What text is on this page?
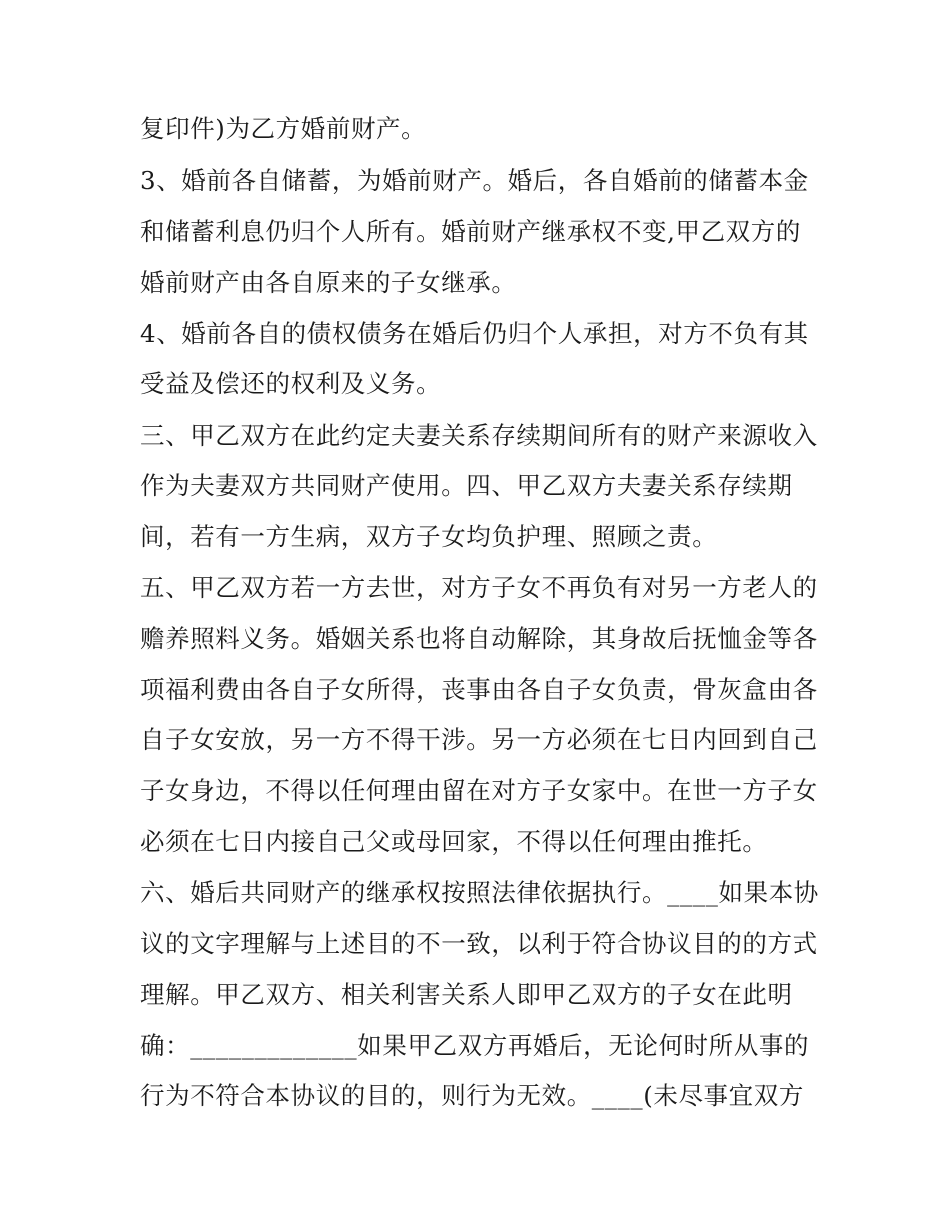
复印件)为乙方婚前财产。
3、婚前各自储蓄，为婚前财产。婚后，各自婚前的储蓄本金
和储蓄利息仍归个人所有。婚前财产继承权不变,甲乙双方的
婚前财产由各自原来的子女继承。
4、婚前各自的债权债务在婚后仍归个人承担，对方不负有其
受益及偿还的权利及义务。
三、甲乙双方在此约定夫妻关系存续期间所有的财产来源收入
作为夫妻双方共同财产使用。四、甲乙双方夫妻关系存续期
间，若有一方生病，双方子女均负护理、照顾之责。
五、甲乙双方若一方去世，对方子女不再负有对另一方老人的
赡养照料义务。婚姻关系也将自动解除，其身故后抚恤金等各
项福利费由各自子女所得，丧事由各自子女负责，骨灰盒由各
自子女安放，另一方不得干涉。另一方必须在七日内回到自己
子女身边，不得以任何理由留在对方子女家中。在世一方子女
必须在七日内接自己父或母回家，不得以任何理由推托。
六、婚后共同财产的继承权按照法律依据执行。____如果本协
议的文字理解与上述目的不一致，以利于符合协议目的的方式
理解。甲乙双方、相关利害关系人即甲乙双方的子女在此明
确：_____________如果甲乙双方再婚后，无论何时所从事的
行为不符合本协议的目的，则行为无效。____(未尽事宜双方
